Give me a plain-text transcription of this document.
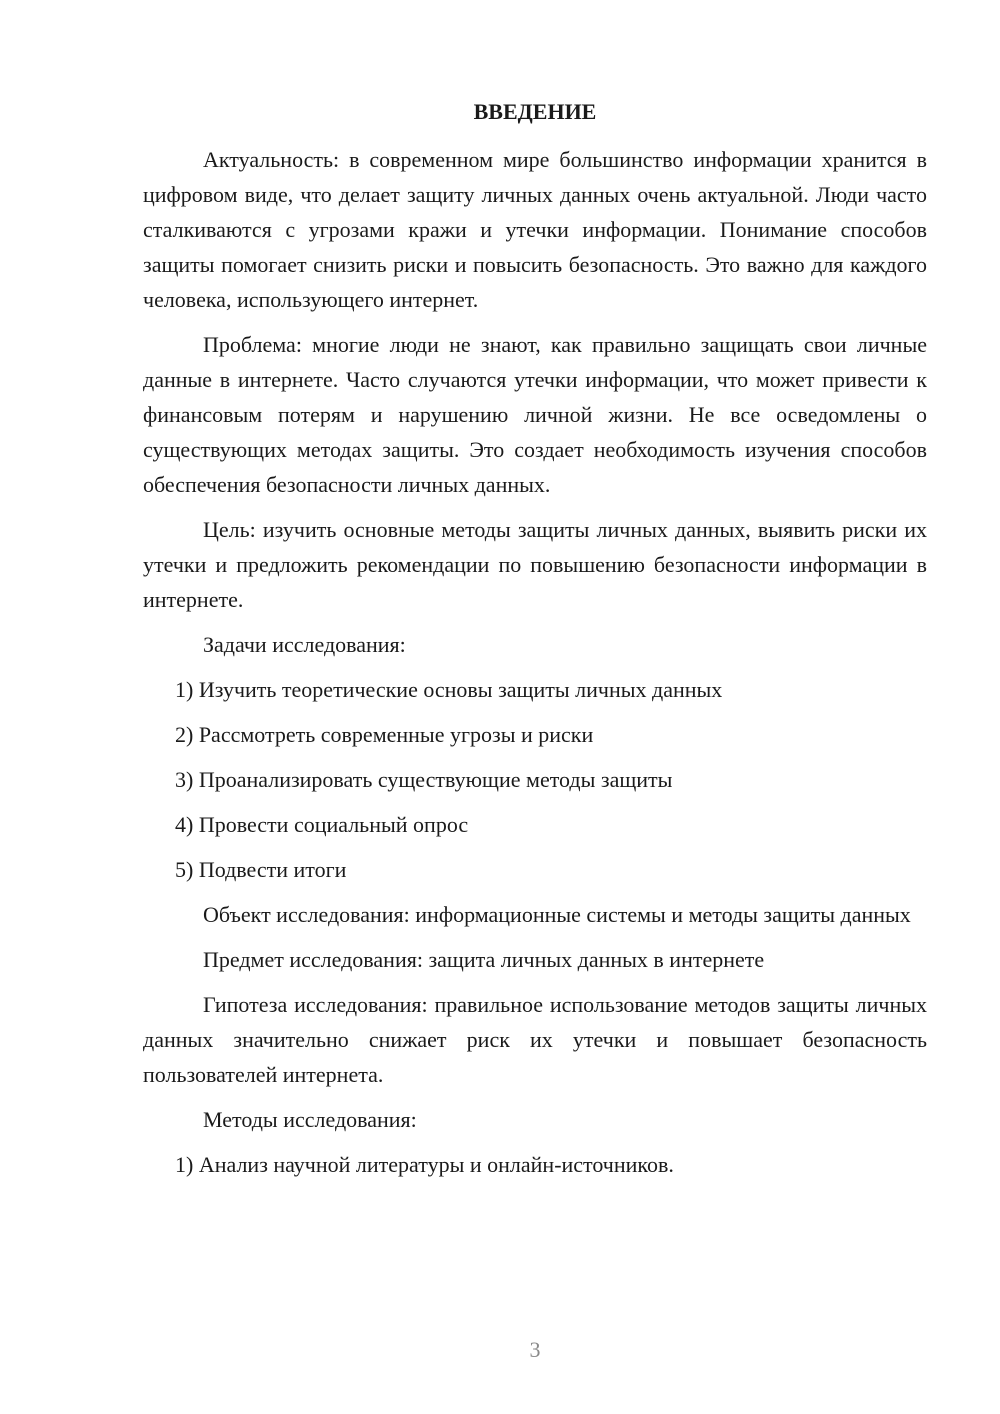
ВВЕДЕНИЕ

Актуальность: в современном мире большинство информации хранится в цифровом виде, что делает защиту личных данных очень актуальной. Люди часто сталкиваются с угрозами кражи и утечки информации. Понимание способов защиты помогает снизить риски и повысить безопасность. Это важно для каждого человека, использующего интернет.

Проблема: многие люди не знают, как правильно защищать свои личные данные в интернете. Часто случаются утечки информации, что может привести к финансовым потерям и нарушению личной жизни. Не все осведомлены о существующих методах защиты. Это создает необходимость изучения способов обеспечения безопасности личных данных.

Цель: изучить основные методы защиты личных данных, выявить риски их утечки и предложить рекомендации по повышению безопасности информации в интернете.

Задачи исследования:

1) Изучить теоретические основы защиты личных данных

2) Рассмотреть современные угрозы и риски

3) Проанализировать существующие методы защиты

4) Провести социальный опрос

5) Подвести итоги

Объект исследования: информационные системы и методы защиты данных

Предмет исследования: защита личных данных в интернете

Гипотеза исследования: правильное использование методов защиты личных данных значительно снижает риск их утечки и повышает безопасность пользователей интернета.

Методы исследования:

1) Анализ научной литературы и онлайн-источников.

3
